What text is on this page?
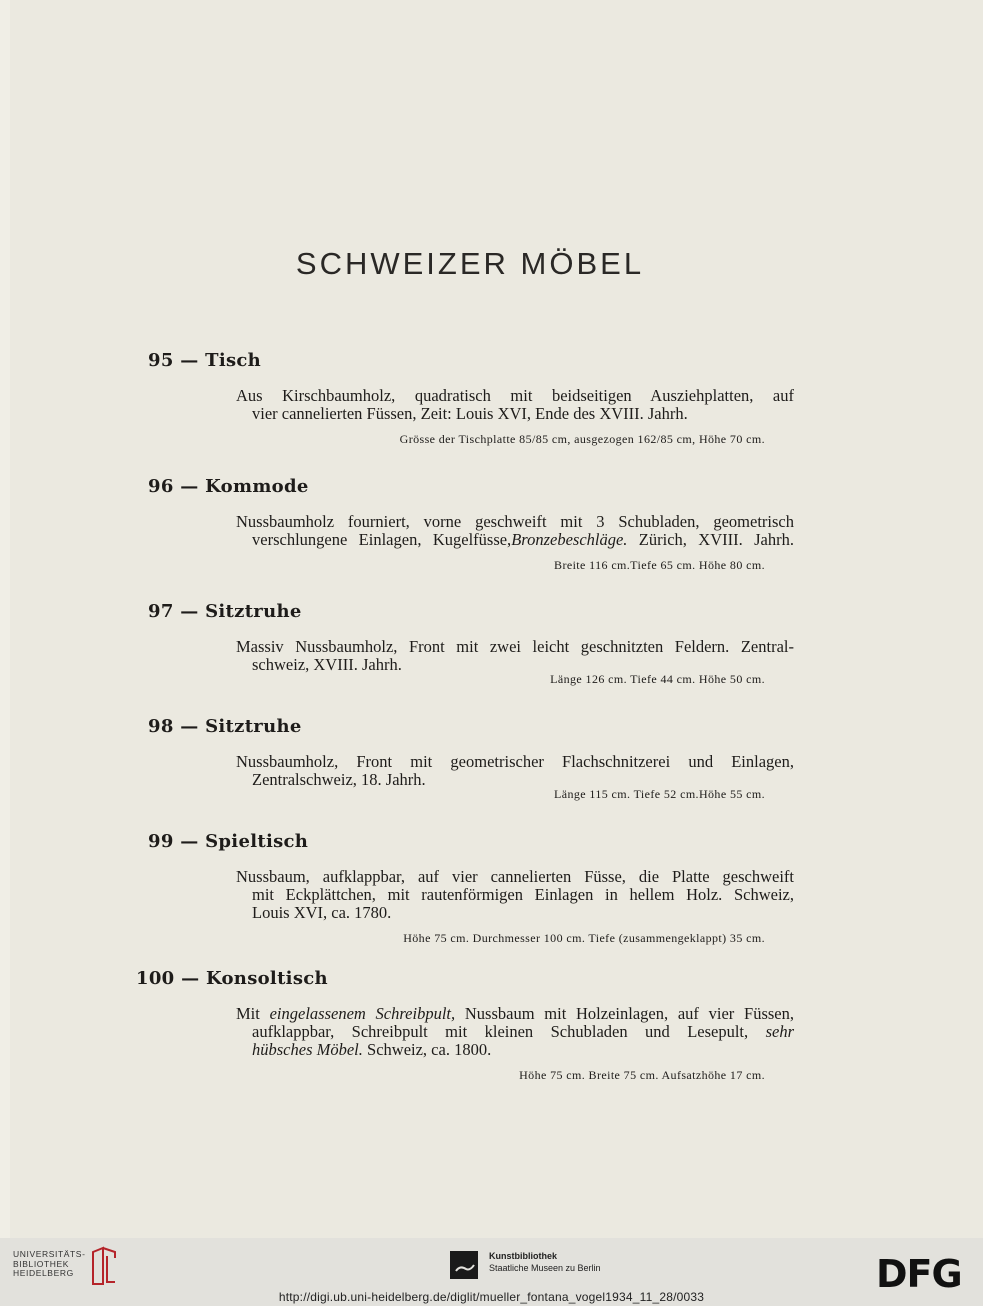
SCHWEIZER MÖBEL
95 — Tisch
Aus Kirschbaumholz, quadratisch mit beidseitigen Ausziehplatten, auf
vier cannelierten Füssen, Zeit: Louis XVI, Ende des XVIII. Jahrh.
Grösse der Tischplatte 85/85 cm, ausgezogen 162/85 cm, Höhe 70 cm.
96 — Kommode
Nussbaumholz fourniert, vorne geschweift mit 3 Schubladen, geometrisch
verschlungene Einlagen, Kugelfüsse,Bronzebeschläge. Zürich, XVIII. Jahrh.
Breite 116 cm.Tiefe 65 cm. Höhe 80 cm.
97 — Sitztruhe
Massiv Nussbaumholz, Front mit zwei leicht geschnitzten Feldern. Zentral-
schweiz, XVIII. Jahrh.
Länge 126 cm. Tiefe 44 cm. Höhe 50 cm.
98 — Sitztruhe
Nussbaumholz, Front mit geometrischer Flachschnitzerei und Einlagen,
Zentralschweiz, 18. Jahrh.
Länge 115 cm. Tiefe 52 cm.Höhe 55 cm.
99 — Spieltisch
Nussbaum, aufklappbar, auf vier cannelierten Füsse, die Platte geschweift
mit Eckplättchen, mit rautenförmigen Einlagen in hellem Holz. Schweiz,
Louis XVI, ca. 1780.
Höhe 75 cm. Durchmesser 100 cm. Tiefe (zusammengeklappt) 35 cm.
100 — Konsoltisch
Mit eingelassenem Schreibpult, Nussbaum mit Holzeinlagen, auf vier Füssen,
aufklappbar, Schreibpult mit kleinen Schubladen und Lesepult, sehr
hübsches Möbel. Schweiz, ca. 1800.
Höhe 75 cm. Breite 75 cm. Aufsatzhöhe 17 cm.
UNIVERSITÄTS-
BIBLIOTHEK
HEIDELBERG
Kunstbibliothek
Staatliche Museen zu Berlin	DFG
http://digi.ub.uni-heidelberg.de/diglit/mueller_fontana_vogel1934_11_28/0033
